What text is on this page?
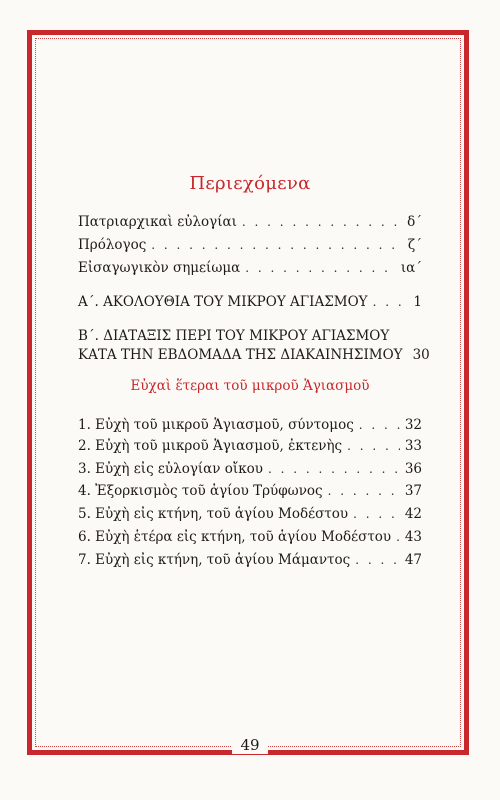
Περιεχόμενα
Πατριαρχικαὶ εὐλογίαι . . .	δ΄
Πρόλογος . . .	ζ΄
Εἰσαγωγικὸν σημείωμα . . .	ια΄
Α΄. ΑΚΟΛΟΥΘΙΑ ΤΟΥ ΜΙΚΡΟΥ ΑΓΙΑΣΜΟΥ . . .	1
Β΄. ΔΙΑΤΑΞΙΣ ΠΕΡΙ ΤΟΥ ΜΙΚΡΟΥ ΑΓΙΑΣΜΟΥ
ΚΑΤΑ ΤΗΝ ΕΒΔΟΜΑΔΑ ΤΗΣ ΔΙΑΚΑΙΝΗΣΙΜΟΥ 30
Εὐχαὶ ἕτεραι τοῦ μικροῦ Ἁγιασμοῦ
1. Εὐχὴ τοῦ μικροῦ Ἁγιασμοῦ, σύντομος . . .	32
2. Εὐχὴ τοῦ μικροῦ Ἁγιασμοῦ, ἐκτενὴς . . .	33
3. Εὐχὴ εἰς εὐλογίαν οἴκου . . .	36
4. Ἐξορκισμὸς τοῦ ἁγίου Τρύφωνος . . .	37
5. Εὐχὴ εἰς κτήνη, τοῦ ἁγίου Μοδέστου . . .	42
6. Εὐχὴ ἑτέρα εἰς κτήνη, τοῦ ἁγίου Μοδέστου . . . 43
7. Εὐχὴ εἰς κτήνη, τοῦ ἁγίου Μάμαντος . . .	47
49
